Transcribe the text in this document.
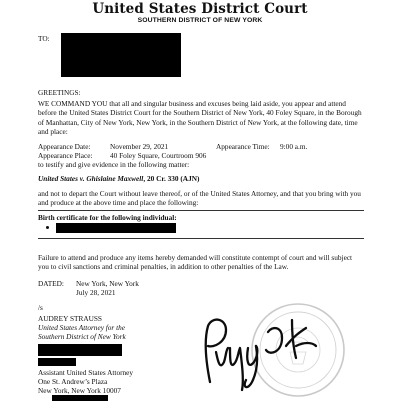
United States District Court
SOUTHERN DISTRICT OF NEW YORK
TO:
GREETINGS:
WE COMMAND YOU that all and singular business and excuses being laid aside, you appear and attend before the United States District Court for the Southern District of New York, 40 Foley Square, in the Borough of Manhattan, City of New York, New York, in the Southern District of New York, at the following date, time and place:
Appearance Date:	November 29, 2021	Appearance Time: 9:00 a.m.
Appearance Place: 40 Foley Square, Courtroom 906
to testify and give evidence in the following matter:
United States v. Ghislaine Maxwell, 20 Cr. 330 (AJN)
and not to depart the Court without leave thereof, or of the United States Attorney, and that you bring with you and produce at the above time and place the following:
Birth certificate for the following individual:
Failure to attend and produce any items hereby demanded will constitute contempt of court and will subject you to civil sanctions and criminal penalties, in addition to other penalties of the Law.
DATED: New York, New York
July 28, 2021
/s
AUDREY STRAUSS
United States Attorney for the
Southern District of New York
Assistant United States Attorney
One St. Andrew’s Plaza
New York, New York 10007
